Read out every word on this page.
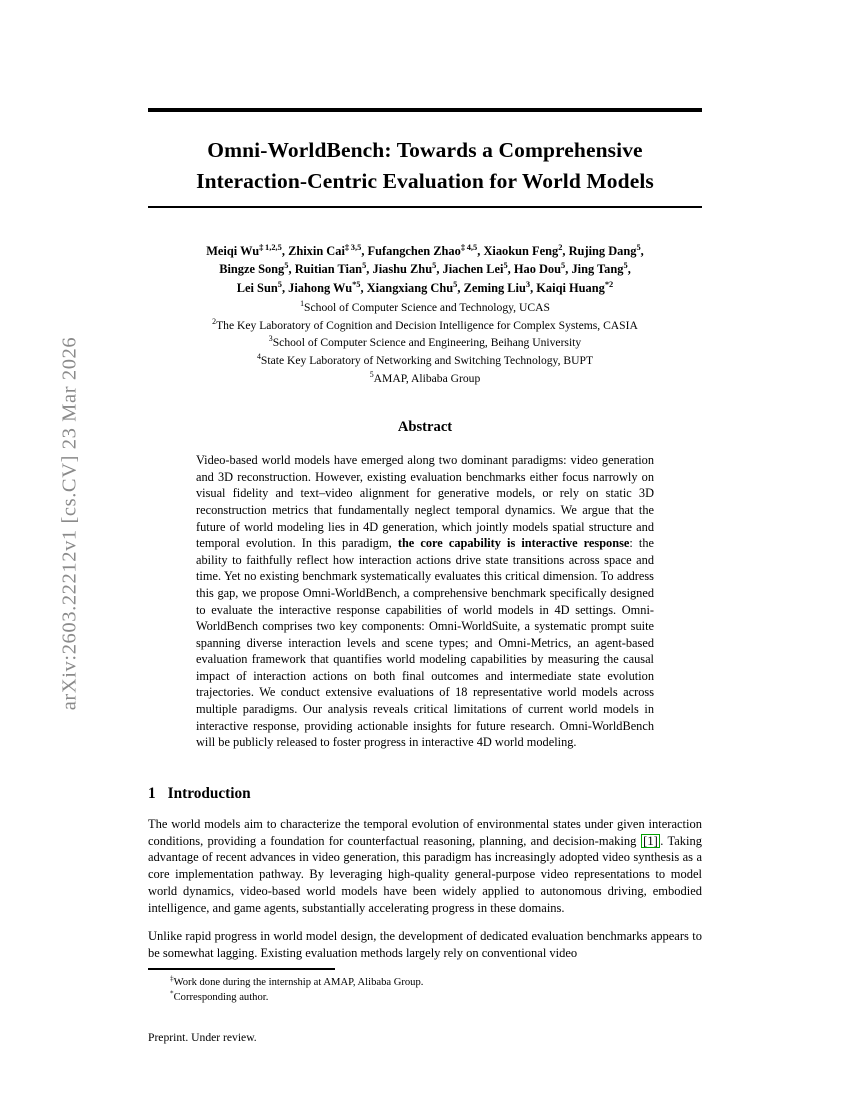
arXiv:2603.22212v1 [cs.CV] 23 Mar 2026
Omni-WorldBench: Towards a Comprehensive
Interaction-Centric Evaluation for World Models
Meiqi Wu$^{\ddagger 1,2,5}$, Zhixin Cai$^{\ddagger 3,5}$, Fufangchen Zhao$^{\ddagger 4,5}$, Xiaokun Feng$^2$, Rujing Dang$^5$,
Bingze Song$^5$, Ruitian Tian$^5$, Jiashu Zhu$^5$, Jiachen Lei$^5$, Hao Dou$^5$, Jing Tang$^5$,
Lei Sun$^5$, Jiahong Wu$^{*5}$, Xiangxiang Chu$^5$, Zeming Liu$^3$, Kaiqi Huang$^{*2}$
$^1$School of Computer Science and Technology, UCAS
$^2$The Key Laboratory of Cognition and Decision Intelligence for Complex Systems, CASIA
$^3$School of Computer Science and Engineering, Beihang University
$^4$State Key Laboratory of Networking and Switching Technology, BUPT
$^5$AMAP, Alibaba Group
Abstract
Video-based world models have emerged along two dominant paradigms: video generation and 3D reconstruction. However, existing evaluation benchmarks either focus narrowly on visual fidelity and text–video alignment for generative models, or rely on static 3D reconstruction metrics that fundamentally neglect temporal dynamics. We argue that the future of world modeling lies in 4D generation, which jointly models spatial structure and temporal evolution. In this paradigm, the core capability is interactive response: the ability to faithfully reflect how interaction actions drive state transitions across space and time. Yet no existing benchmark systematically evaluates this critical dimension. To address this gap, we propose Omni-WorldBench, a comprehensive benchmark specifically designed to evaluate the interactive response capabilities of world models in 4D settings. Omni-WorldBench comprises two key components: Omni-WorldSuite, a systematic prompt suite spanning diverse interaction levels and scene types; and Omni-Metrics, an agent-based evaluation framework that quantifies world modeling capabilities by measuring the causal impact of interaction actions on both final outcomes and intermediate state evolution trajectories. We conduct extensive evaluations of 18 representative world models across multiple paradigms. Our analysis reveals critical limitations of current world models in interactive response, providing actionable insights for future research. Omni-WorldBench will be publicly released to foster progress in interactive 4D world modeling.
1 Introduction
The world models aim to characterize the temporal evolution of environmental states under given interaction conditions, providing a foundation for counterfactual reasoning, planning, and decision-making [1] . Taking advantage of recent advances in video generation, this paradigm has increasingly adopted video synthesis as a core implementation pathway. By leveraging high-quality general-purpose video representations to model world dynamics, video-based world models have been widely applied to autonomous driving, embodied intelligence, and game agents, substantially accelerating progress in these domains.
Unlike rapid progress in world model design, the development of dedicated evaluation benchmarks appears to be somewhat lagging. Existing evaluation methods largely rely on conventional video
‡Work done during the internship at AMAP, Alibaba Group.
*Corresponding author.
Preprint. Under review.
